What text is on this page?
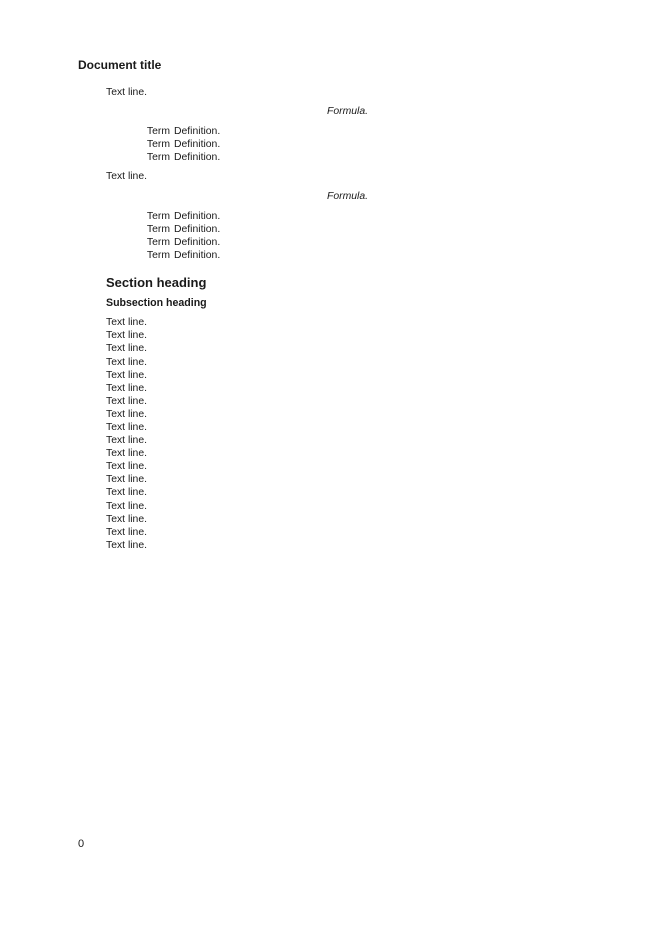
Document title

Text line.

Formula.

Term Definition.
Term Definition.
Term Definition.

Text line.

Formula.

Term Definition.
Term Definition.
Term Definition.
Term Definition.
Section heading
Subsection heading

Text line.

Text line.

Text line.

Text line.

Text line.

Text line.

Text line.

Text line.

Text line.

Text line.

Text line.

Text line.

Text line.

Text line.

Text line.

Text line.

Text line.

Text line.

0
